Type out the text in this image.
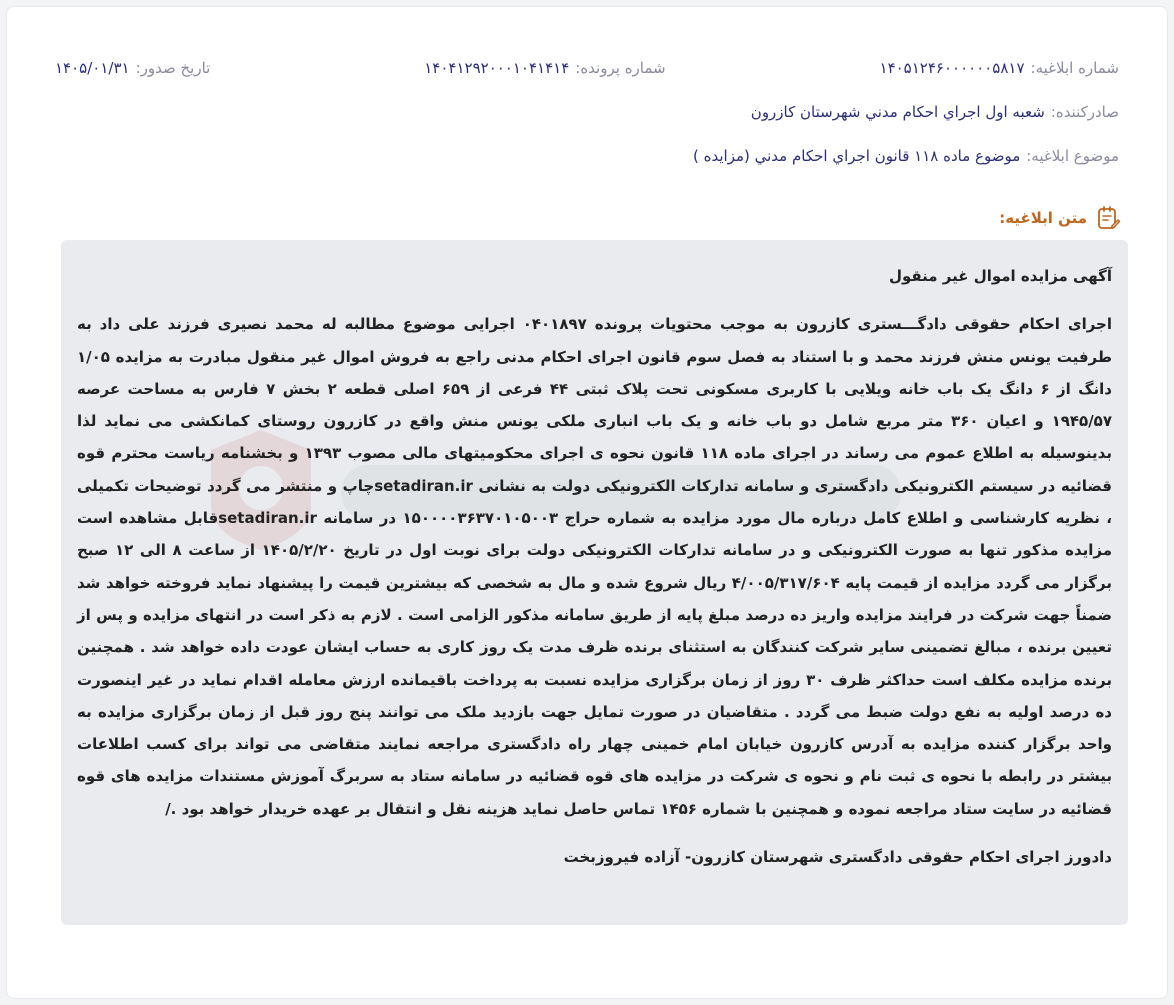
شماره ابلاغيه:
۱۴۰۵۱۲۴۶۰۰۰۰۰۰۵۸۱۷
شماره پرونده:
۱۴۰۴۱۲۹۲۰۰۰۱۰۴۱۴۱۴
تاریخ صدور:
۱۴۰۵/۰۱/۳۱
صادرکننده:
شعبه اول اجراي احكام مدني شهرستان كازرون
موضوع ابلاغيه:
موضوع ماده ۱۱۸ قانون اجراي احكام مدني (مزايده )
متن ابلاغیه:

آگهی مزایده اموال غیر منقول

اجرای احکام حقوقی دادگـــستری کازرون به موجب محتویات پرونده ۰۴۰۱۸۹۷ اجرایی موضوع مطالبه له محمد نصیری فرزند علی داد به طرفیت یونس منش فرزند محمد و با استناد به فصل سوم قانون اجرای احکام مدنی راجع به فروش اموال غیر منقول مبادرت به مزایده ۱/۰۵ دانگ از ۶ دانگ یک باب خانه ویلایی با کاربری مسکونی تحت پلاک ثبتی ۴۴ فرعی از ۶۵۹ اصلی قطعه ۲ بخش ۷ فارس به مساحت عرصه ۱۹۴۵/۵۷ و اعیان ۳۶۰ متر مربع شامل دو باب خانه و یک باب انباری ملکی یونس منش واقع در کازرون روستای کمانکشی می نماید لذا بدینوسیله به اطلاع عموم می رساند در اجرای ماده ۱۱۸ قانون نحوه ی اجرای محکومیتهای مالی مصوب ۱۳۹۳ و بخشنامه ریاست محترم قوه قضائیه در سیستم الکترونیکی دادگستری و سامانه تدارکات الکترونیکی دولت به نشانی setadiran.irچاپ و منتشر می گردد توضیحات تکمیلی ، نظریه کارشناسی و اطلاع کامل درباره مال مورد مزایده به شماره حراج ۱۵۰۰۰۰۳۶۳۷۰۱۰۵۰۰۳ در سامانه setadiran.irقابل مشاهده است مزایده مذکور تنها به صورت الکترونیکی و در سامانه تدارکات الکترونیکی دولت برای نوبت اول در تاریخ ۱۴۰۵/۲/۲۰ از ساعت ۸ الی ۱۲ صبح برگزار می گردد مزایده از قیمت پایه ۴/۰۰۵/۳۱۷/۶۰۴ ریال شروع شده و مال به شخصی که بیشترین قیمت را پیشنهاد نماید فروخته خواهد شد ضمناً جهت شرکت در فرایند مزایده واریز ده درصد مبلغ پایه از طریق سامانه مذکور الزامی است . لازم به ذکر است در انتهای مزایده و پس از تعیین برنده ، مبالغ تضمینی سایر شرکت کنندگان به استثنای برنده ظرف مدت یک روز کاری به حساب ایشان عودت داده خواهد شد . همچنین برنده مزایده مکلف است حداکثر ظرف ۳۰ روز از زمان برگزاری مزایده نسبت به پرداخت باقیمانده ارزش معامله اقدام نماید در غیر اینصورت ده درصد اولیه به نفع دولت ضبط می گردد . متقاضیان در صورت تمایل جهت بازدید ملک می توانند پنج روز قبل از زمان برگزاری مزایده به واحد برگزار کننده مزایده به آدرس کازرون خیابان امام خمینی چهار راه دادگستری مراجعه نمایند متقاضی می تواند برای کسب اطلاعات بیشتر در رابطه با نحوه ی ثبت نام و نحوه ی شرکت در مزایده های قوه قضائیه در سامانه ستاد به سربرگ آموزش مستندات مزایده های قوه قضائیه در سایت ستاد مراجعه نموده و همچنین با شماره ۱۴۵۶ تماس حاصل نماید هزینه نقل و انتقال بر عهده خریدار خواهد بود ./

دادورز اجرای احکام حقوقی دادگستری شهرستان کازرون- آزاده فیروزبخت
